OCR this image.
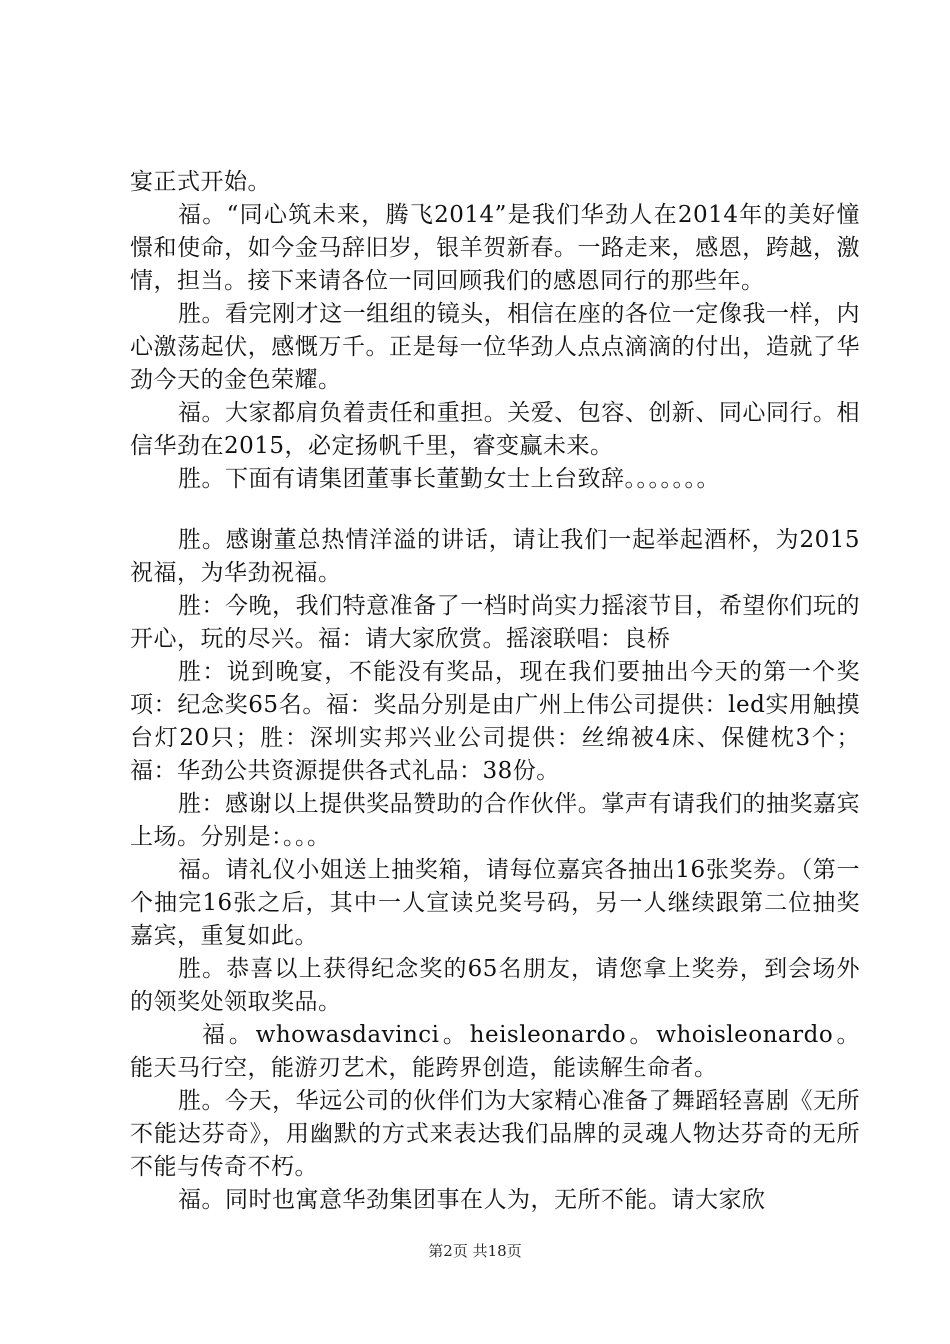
宴正式开始。

福。“同心筑未来，腾飞2014”是我们华劲人在2014年的美好憧憬和使命，如今金马辞旧岁，银羊贺新春。一路走来，感恩，跨越，激情，担当。接下来请各位一同回顾我们的感恩同行的那些年。

胜。看完刚才这一组组的镜头，相信在座的各位一定像我一样，内心激荡起伏，感慨万千。正是每一位华劲人点点滴滴的付出，造就了华劲今天的金色荣耀。

福。大家都肩负着责任和重担。关爱、包容、创新、同心同行。相信华劲在2015，必定扬帆千里，睿变赢未来。

胜。下面有请集团董事长董勤女士上台致辞。。。。。。。

胜。感谢董总热情洋溢的讲话，请让我们一起举起酒杯，为2015祝福，为华劲祝福。

胜：今晚，我们特意准备了一档时尚实力摇滚节目，希望你们玩的开心，玩的尽兴。福：请大家欣赏。摇滚联唱：良桥

胜：说到晚宴，不能没有奖品，现在我们要抽出今天的第一个奖项：纪念奖65名。福：奖品分别是由广州上伟公司提供：led实用触摸台灯20只；胜：深圳实邦兴业公司提供：丝绵被4床、保健枕3个；福：华劲公共资源提供各式礼品：38份。

胜：感谢以上提供奖品赞助的合作伙伴。掌声有请我们的抽奖嘉宾上场。分别是：。。。

福。请礼仪小姐送上抽奖箱，请每位嘉宾各抽出16张奖券。（第一个抽完16张之后，其中一人宣读兑奖号码，另一人继续跟第二位抽奖嘉宾，重复如此。

胜。恭喜以上获得纪念奖的65名朋友，请您拿上奖券，到会场外的领奖处领取奖品。

福。whowasdavinci。heisleonardo。whoisleonardo。能天马行空，能游刃艺术，能跨界创造，能读解生命者。

胜。今天，华远公司的伙伴们为大家精心准备了舞蹈轻喜剧《无所不能达芬奇》，用幽默的方式来表达我们品牌的灵魂人物达芬奇的无所不能与传奇不朽。

福。同时也寓意华劲集团事在人为，无所不能。请大家欣

第2页 共18页
